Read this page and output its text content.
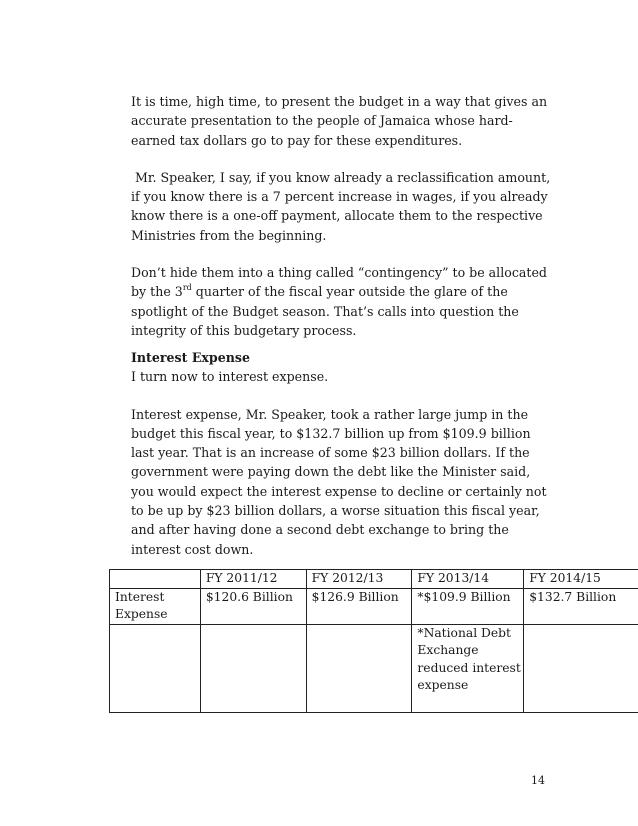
It is time, high time, to present the budget in a way that gives an accurate presentation to the people of Jamaica whose hard-earned tax dollars go to pay for these expenditures.

Mr. Speaker, I say, if you know already a reclassification amount, if you know there is a 7 percent increase in wages, if you already know there is a one-off payment, allocate them to the respective Ministries from the beginning.

Don’t hide them into a thing called “contingency” to be allocated by the 3rd quarter of the fiscal year outside the glare of the spotlight of the Budget season. That’s calls into question the integrity of this budgetary process.

Interest Expense

I turn now to interest expense.

Interest expense, Mr. Speaker, took a rather large jump in the budget this fiscal year, to $132.7 billion up from $109.9 billion last year. That is an increase of some $23 billion dollars. If the government were paying down the debt like the Minister said, you would expect the interest expense to decline or certainly not to be up by $23 billion dollars, a worse situation this fiscal year, and after having done a second debt exchange to bring the interest cost down.

	FY 2011/12	FY 2012/13	FY 2013/14	FY 2014/15
Interest Expense	$120.6 Billion	$126.9 Billion	*$109.9 Billion	$132.7 Billion
			*National Debt Exchange reduced interest expense	
14
